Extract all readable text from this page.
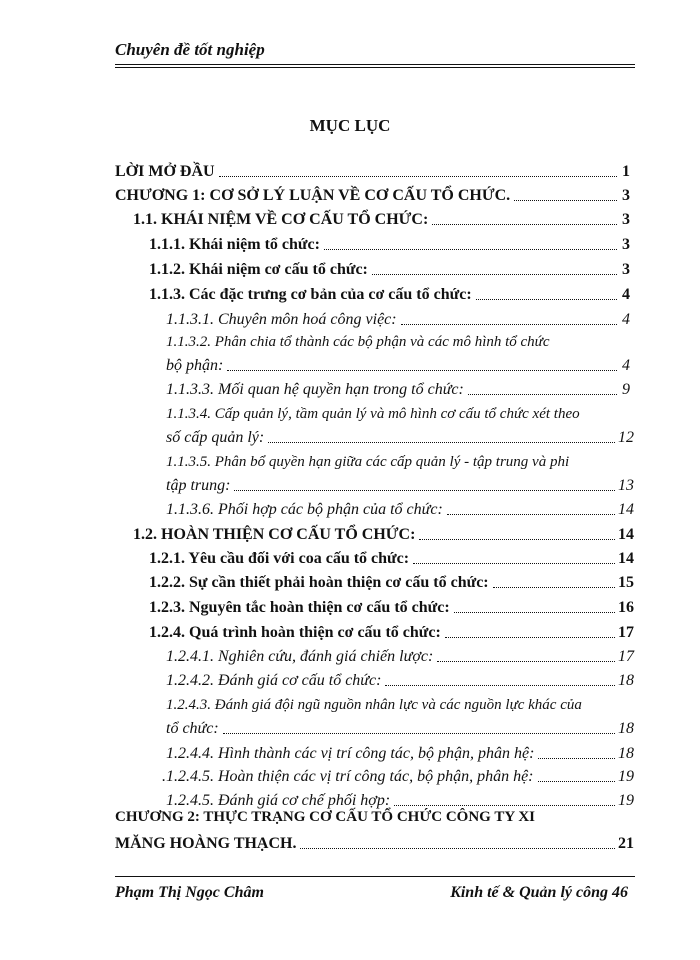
Chuyên đề tốt nghiệp
MỤC LỤC
LỜI MỞ ĐẦU	1
CHƯƠNG 1: CƠ SỞ LÝ LUẬN VỀ CƠ CẤU TỔ CHỨC.	3
1.1. KHÁI NIỆM VỀ CƠ CẤU TỔ CHỨC:	3
1.1.1. Khái niệm tổ chức:	3
1.1.2. Khái niệm cơ cấu tổ chức:	3
1.1.3. Các đặc trưng cơ bản của cơ cấu tổ chức:	4
1.1.3.1. Chuyên môn hoá công việc:	4
1.1.3.2. Phân chia tổ thành các bộ phận và các mô hình tổ chức
bộ phận:	4
1.1.3.3. Mối quan hệ quyền hạn trong tổ chức:	9
1.1.3.4. Cấp quản lý, tầm quản lý và mô hình cơ cấu tổ chức xét theo
số cấp quản lý:	12
1.1.3.5. Phân bổ quyền hạn giữa các cấp quản lý - tập trung và phi
tập trung:	13
1.1.3.6. Phối hợp các bộ phận của tổ chức:	14
1.2. HOÀN THIỆN CƠ CẤU TỔ CHỨC:	14
1.2.1. Yêu cầu đối với coa cấu tổ chức:	14
1.2.2. Sự cần thiết phải hoàn thiện cơ cấu tổ chức:	15
1.2.3. Nguyên tắc hoàn thiện cơ cấu tổ chức:	16
1.2.4. Quá trình hoàn thiện cơ cấu tổ chức:	17
1.2.4.1. Nghiên cứu, đánh giá chiến lược:	17
1.2.4.2. Đánh giá cơ cấu tổ chức:	18
1.2.4.3. Đánh giá đội ngũ nguồn nhân lực và các nguồn lực khác của
tổ chức:	18
1.2.4.4. Hình thành các vị trí công tác, bộ phận, phân hệ:	18
.1.2.4.5. Hoàn thiện các vị trí công tác, bộ phận, phân hệ:	19
1.2.4.5. Đánh giá cơ chế phối hợp:	19
CHƯƠNG 2: THỰC TRẠNG CƠ CẤU TỔ CHỨC CÔNG TY XI
MĂNG HOÀNG THẠCH.	21
Phạm Thị Ngọc Châm	Kinh tế & Quản lý công 46
